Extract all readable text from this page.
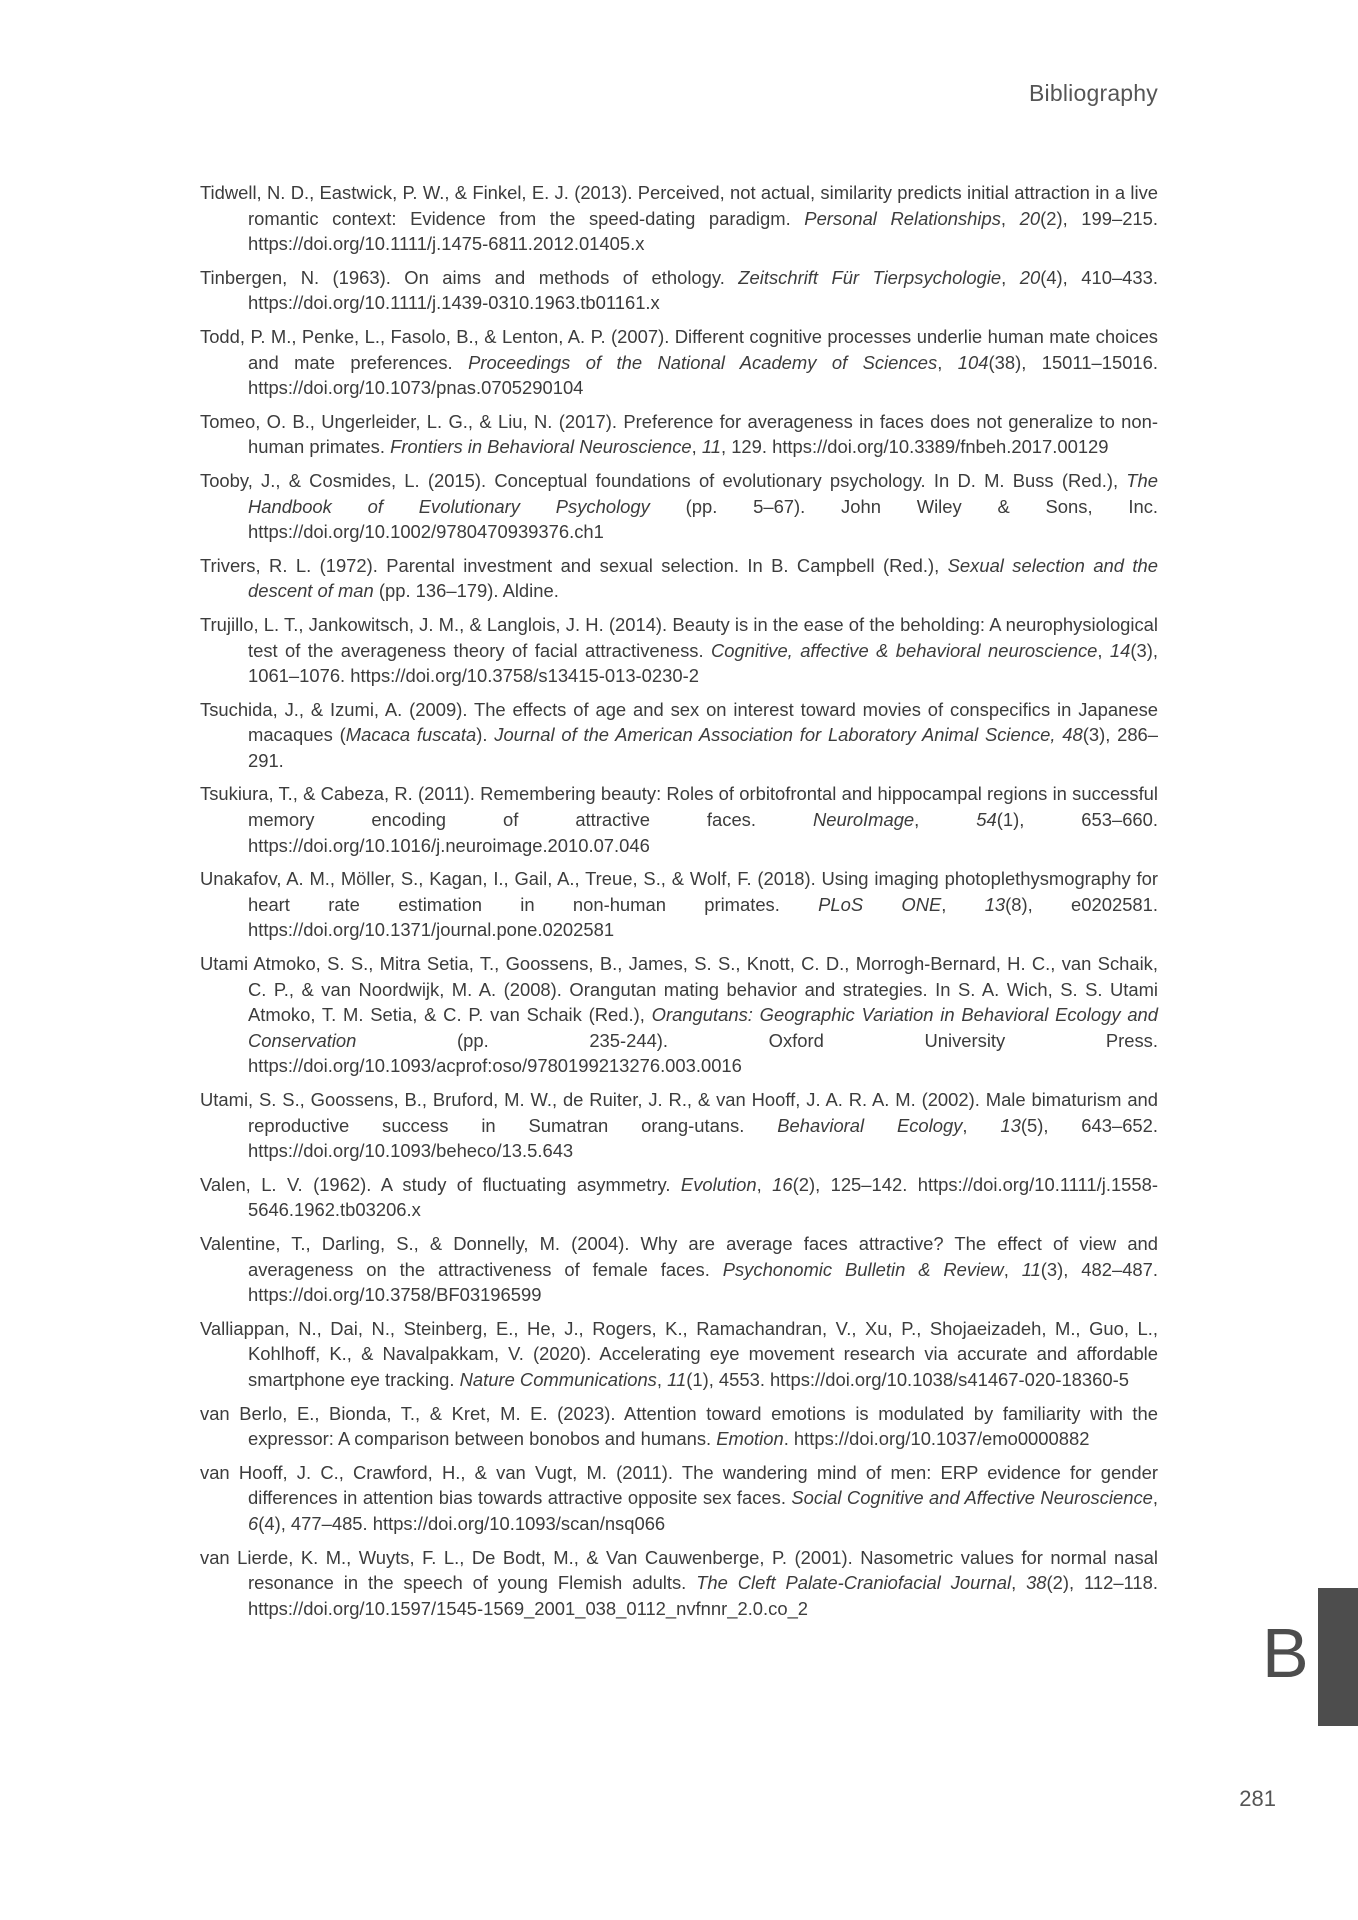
Bibliography
Tidwell, N. D., Eastwick, P. W., & Finkel, E. J. (2013). Perceived, not actual, similarity predicts initial attraction in a live romantic context: Evidence from the speed-dating paradigm. Personal Relationships, 20(2), 199–215. https://doi.org/10.1111/j.1475-6811.2012.01405.x
Tinbergen, N. (1963). On aims and methods of ethology. Zeitschrift Für Tierpsychologie, 20(4), 410–433. https://doi.org/10.1111/j.1439-0310.1963.tb01161.x
Todd, P. M., Penke, L., Fasolo, B., & Lenton, A. P. (2007). Different cognitive processes underlie human mate choices and mate preferences. Proceedings of the National Academy of Sciences, 104(38), 15011–15016. https://doi.org/10.1073/pnas.0705290104
Tomeo, O. B., Ungerleider, L. G., & Liu, N. (2017). Preference for averageness in faces does not generalize to non-human primates. Frontiers in Behavioral Neuroscience, 11, 129. https://doi.org/10.3389/fnbeh.2017.00129
Tooby, J., & Cosmides, L. (2015). Conceptual foundations of evolutionary psychology. In D. M. Buss (Red.), The Handbook of Evolutionary Psychology (pp. 5–67). John Wiley & Sons, Inc. https://doi.org/10.1002/9780470939376.ch1
Trivers, R. L. (1972). Parental investment and sexual selection. In B. Campbell (Red.), Sexual selection and the descent of man (pp. 136–179). Aldine.
Trujillo, L. T., Jankowitsch, J. M., & Langlois, J. H. (2014). Beauty is in the ease of the beholding: A neurophysiological test of the averageness theory of facial attractiveness. Cognitive, affective & behavioral neuroscience, 14(3), 1061–1076. https://doi.org/10.3758/s13415-013-0230-2
Tsuchida, J., & Izumi, A. (2009). The effects of age and sex on interest toward movies of conspecifics in Japanese macaques (Macaca fuscata). Journal of the American Association for Laboratory Animal Science, 48(3), 286–291.
Tsukiura, T., & Cabeza, R. (2011). Remembering beauty: Roles of orbitofrontal and hippocampal regions in successful memory encoding of attractive faces. NeuroImage, 54(1), 653–660. https://doi.org/10.1016/j.neuroimage.2010.07.046
Unakafov, A. M., Möller, S., Kagan, I., Gail, A., Treue, S., & Wolf, F. (2018). Using imaging photoplethysmography for heart rate estimation in non-human primates. PLoS ONE, 13(8), e0202581. https://doi.org/10.1371/journal.pone.0202581
Utami Atmoko, S. S., Mitra Setia, T., Goossens, B., James, S. S., Knott, C. D., Morrogh-Bernard, H. C., van Schaik, C. P., & van Noordwijk, M. A. (2008). Orangutan mating behavior and strategies. In S. A. Wich, S. S. Utami Atmoko, T. M. Setia, & C. P. van Schaik (Red.), Orangutans: Geographic Variation in Behavioral Ecology and Conservation (pp. 235-244). Oxford University Press. https://doi.org/10.1093/acprof:oso/9780199213276.003.0016
Utami, S. S., Goossens, B., Bruford, M. W., de Ruiter, J. R., & van Hooff, J. A. R. A. M. (2002). Male bimaturism and reproductive success in Sumatran orang-utans. Behavioral Ecology, 13(5), 643–652. https://doi.org/10.1093/beheco/13.5.643
Valen, L. V. (1962). A study of fluctuating asymmetry. Evolution, 16(2), 125–142. https://doi.org/10.1111/j.1558-5646.1962.tb03206.x
Valentine, T., Darling, S., & Donnelly, M. (2004). Why are average faces attractive? The effect of view and averageness on the attractiveness of female faces. Psychonomic Bulletin & Review, 11(3), 482–487. https://doi.org/10.3758/BF03196599
Valliappan, N., Dai, N., Steinberg, E., He, J., Rogers, K., Ramachandran, V., Xu, P., Shojaeizadeh, M., Guo, L., Kohlhoff, K., & Navalpakkam, V. (2020). Accelerating eye movement research via accurate and affordable smartphone eye tracking. Nature Communications, 11(1), 4553. https://doi.org/10.1038/s41467-020-18360-5
van Berlo, E., Bionda, T., & Kret, M. E. (2023). Attention toward emotions is modulated by familiarity with the expressor: A comparison between bonobos and humans. Emotion. https://doi.org/10.1037/emo0000882
van Hooff, J. C., Crawford, H., & van Vugt, M. (2011). The wandering mind of men: ERP evidence for gender differences in attention bias towards attractive opposite sex faces. Social Cognitive and Affective Neuroscience, 6(4), 477–485. https://doi.org/10.1093/scan/nsq066
van Lierde, K. M., Wuyts, F. L., De Bodt, M., & Van Cauwenberge, P. (2001). Nasometric values for normal nasal resonance in the speech of young Flemish adults. The Cleft Palate-Craniofacial Journal, 38(2), 112–118. https://doi.org/10.1597/1545-1569_2001_038_0112_nvfnnr_2.0.co_2
B
281
